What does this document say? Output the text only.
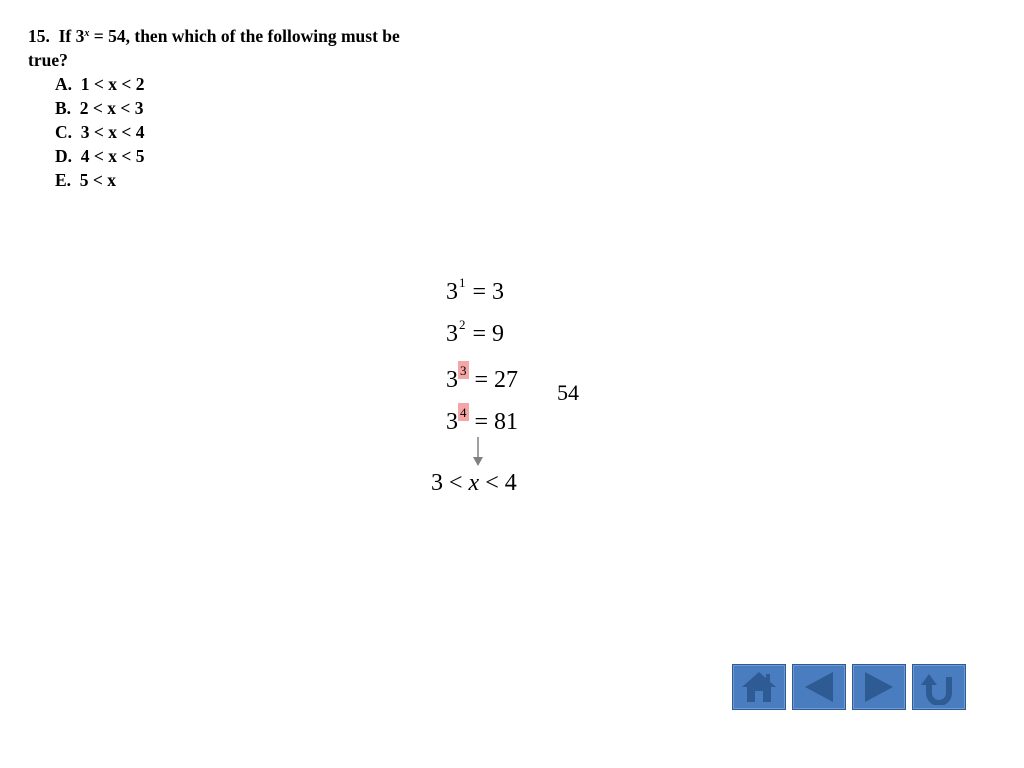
15. If $3^x = 54$, then which of the following must be true?
A.  1 < x < 2
B.  2 < x < 3
C.  3 < x < 4
D.  4 < x < 5
E.  5 < x
31 = 3
32 = 9
3 3 = 27
3 4 = 81
54
3 < x < 4
